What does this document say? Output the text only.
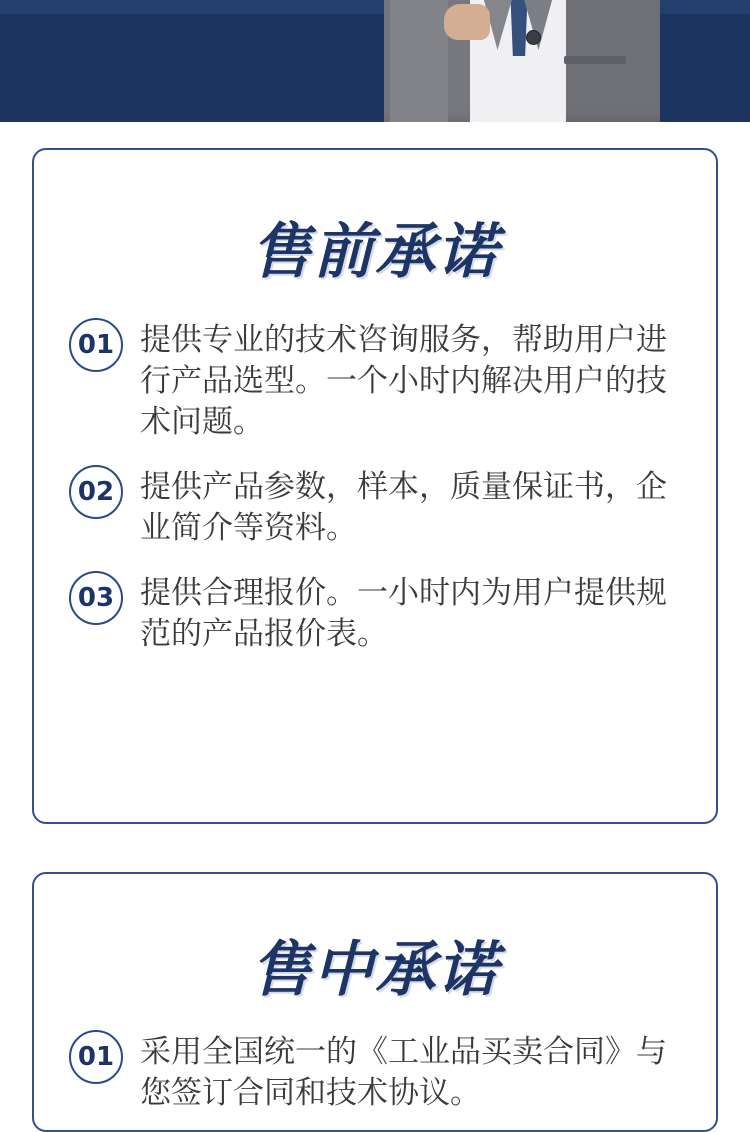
售前承诺
01 提供专业的技术咨询服务，帮助用户进行产品选型。一个小时内解决用户的技术问题。
02 提供产品参数，样本，质量保证书，企业简介等资料。
03 提供合理报价。一小时内为用户提供规范的产品报价表。
售中承诺
01 采用全国统一的《工业品买卖合同》与您签订合同和技术协议。
